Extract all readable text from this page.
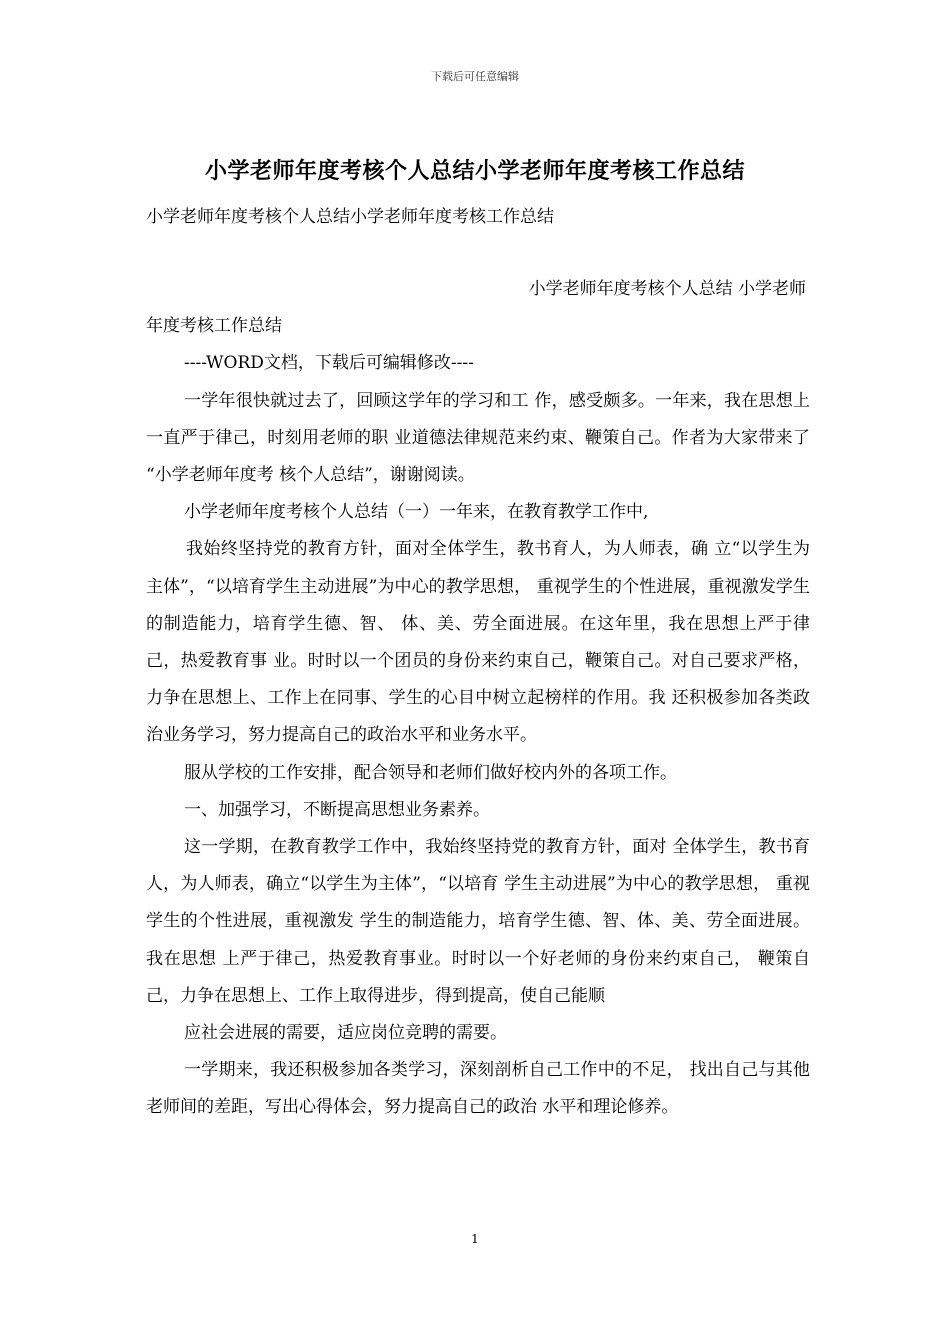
下载后可任意编辑
小学老师年度考核个人总结小学老师年度考核工作总结
小学老师年度考核个人总结小学老师年度考核工作总结

小学老师年度考核个人总结 小学老师

年度考核工作总结

----WORD文档，下载后可编辑修改----

一学年很快就过去了，回顾这学年的学习和工 作，感受颇多。一年来，我在思想上一直严于律己，时刻用老师的职 业道德法律规范来约束、鞭策自己。作者为大家带来了 “小学老师年度考 核个人总结”，谢谢阅读。

小学老师年度考核个人总结（一）一年来，在教育教学工作中,

我始终坚持党的教育方针，面对全体学生，教书育人，为人师表，确 立“以学生为主体”，“以培育学生主动进展”为中心的教学思想， 重视学生的个性进展，重视激发学生的制造能力，培育学生德、智、 体、美、劳全面进展。在这年里，我在思想上严于律己，热爱教育事 业。时时以一个团员的身份来约束自己，鞭策自己。对自己要求严格， 力争在思想上、工作上在同事、学生的心目中树立起榜样的作用。我 还积极参加各类政治业务学习，努力提高自己的政治水平和业务水平。

服从学校的工作安排，配合领导和老师们做好校内外的各项工作。

一、加强学习，不断提高思想业务素养。

这一学期，在教育教学工作中，我始终坚持党的教育方针，面对 全体学生，教书育人，为人师表，确立“以学生为主体”，“以培育 学生主动进展”为中心的教学思想， 重视学生的个性进展，重视激发 学生的制造能力，培育学生德、智、体、美、劳全面进展。我在思想 上严于律己，热爱教育事业。时时以一个好老师的身份来约束自己， 鞭策自己，力争在思想上、工作上取得进步，得到提高，使自己能顺

应社会进展的需要，适应岗位竞聘的需要。

一学期来，我还积极参加各类学习，深刻剖析自己工作中的不足， 找出自己与其他老师间的差距，写出心得体会，努力提高自己的政治 水平和理论修养。

1
